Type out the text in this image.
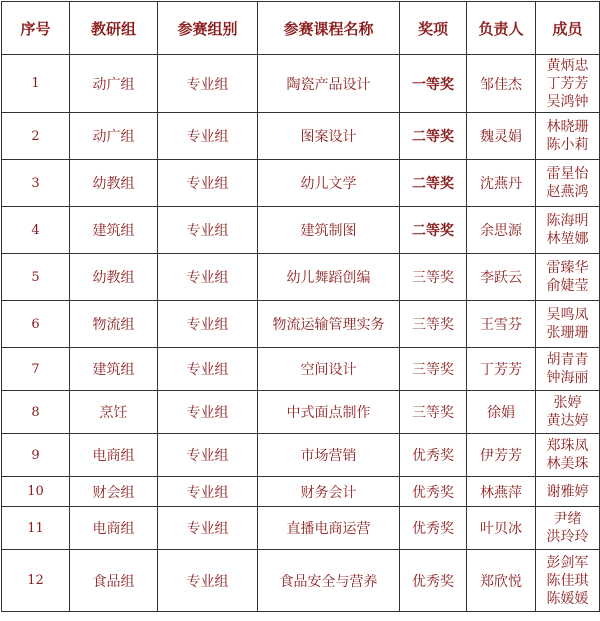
序号	教研组	参赛组别	参赛课程名称	奖项	负责人	成员
1	动广组	专业组	陶瓷产品设计	一等奖	邹佳杰	黄炳忠
丁芳芳
吴鸿钟

2	动广组	专业组	图案设计	二等奖	魏灵娟	林晓珊
陈小莉

3	幼教组	专业组	幼儿文学	二等奖	沈燕丹	雷星怡
赵燕鸿

4	建筑组	专业组	建筑制图	二等奖	余思源	陈海明
林堃娜

5	幼教组	专业组	幼儿舞蹈创编	三等奖	李跃云	雷臻华
俞婕莹

6	物流组	专业组	物流运输管理实务	三等奖	王雪芬	吴鸣凤
张珊珊

7	建筑组	专业组	空间设计	三等奖	丁芳芳	胡青青
钟海丽

8	烹饪	专业组	中式面点制作	三等奖	徐娟	张婷
黄达婷

9	电商组	专业组	市场营销	优秀奖	伊芳芳	郑珠凤
林美珠

10	财会组	专业组	财务会计	优秀奖	林燕萍	谢雅婷

11	电商组	专业组	直播电商运营	优秀奖	叶贝冰	尹绪
洪玲玲

12	食品组	专业组	食品安全与营养	优秀奖	郑欣悦	彭剑军
陈佳琪
陈媛媛
